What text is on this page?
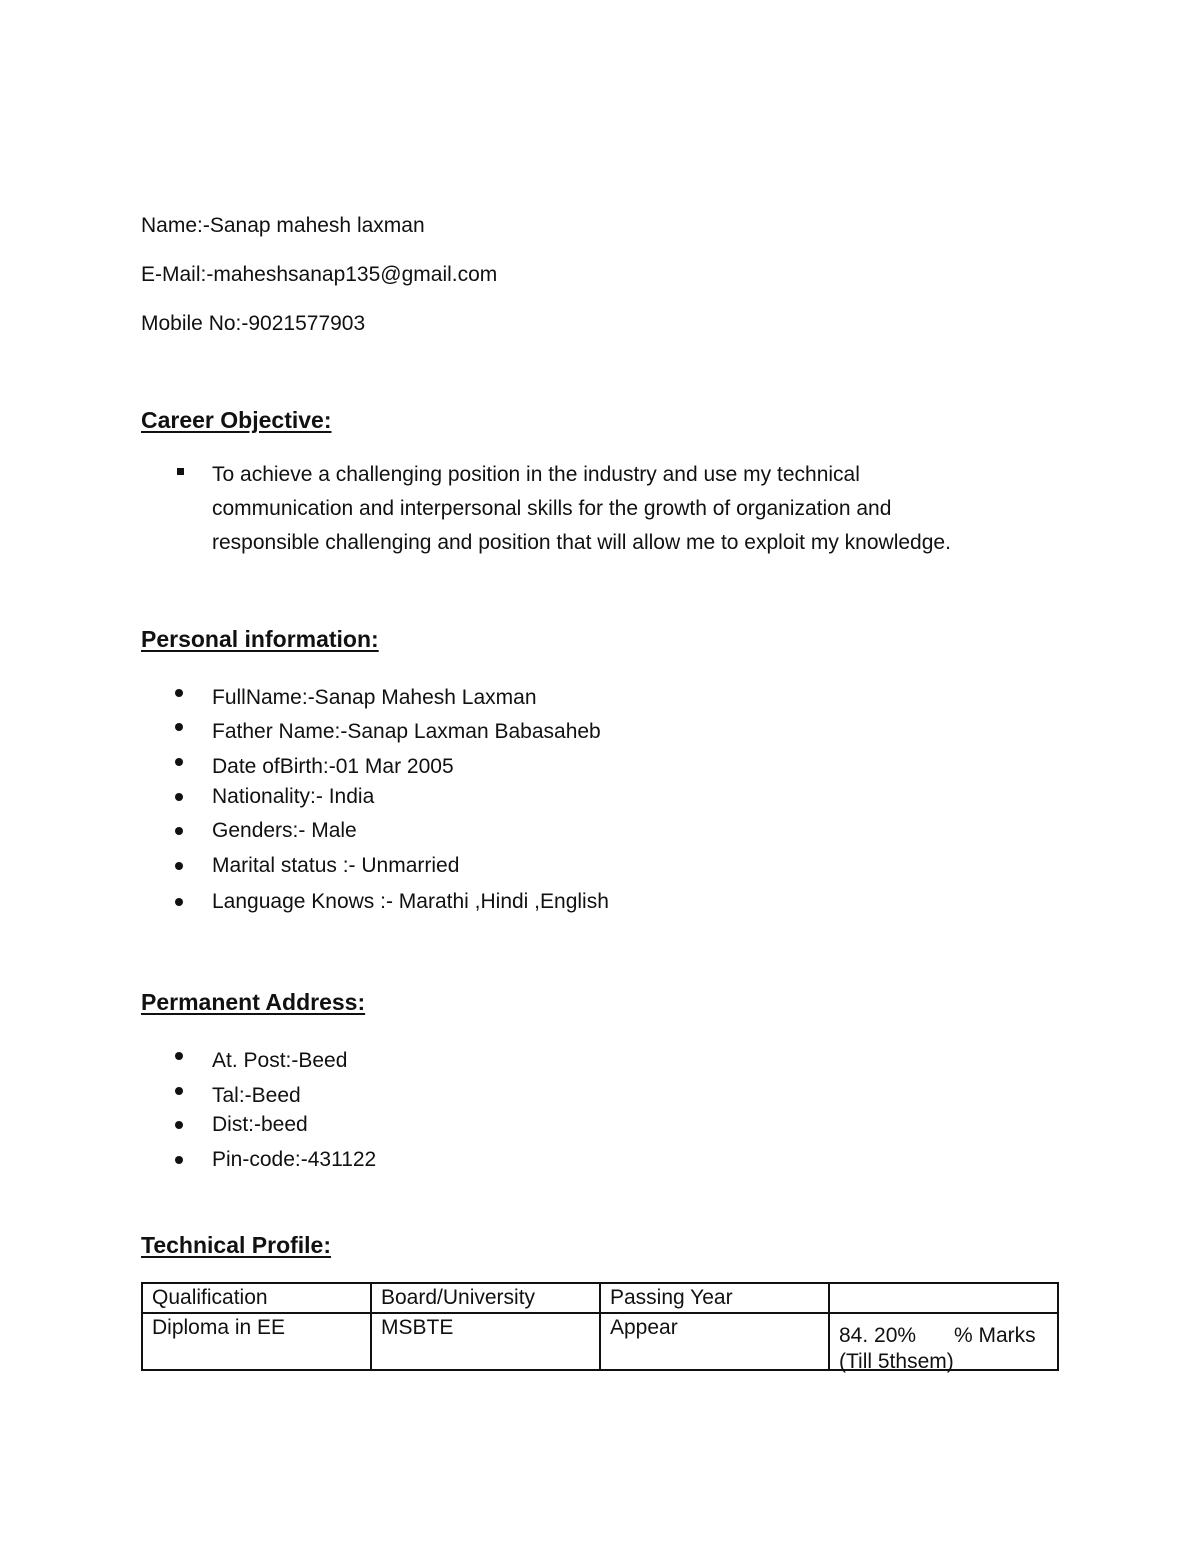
Name:-Sanap mahesh laxman
E-Mail:-maheshsanap135@gmail.com
Mobile No:-9021577903
Career Objective:
To achieve a challenging position in the industry and use my technical
communication and interpersonal skills for the growth of organization and
responsible challenging and position that will allow me to exploit my knowledge.
Personal information:
FullName:-Sanap Mahesh Laxman
Father Name:-Sanap Laxman Babasaheb
Date ofBirth:-01 Mar 2005
Nationality:- India
Genders:- Male
Marital status :- Unmarried
Language Knows :- Marathi ,Hindi ,English
Permanent Address:
At. Post:-Beed
Tal:-Beed
Dist:-beed
Pin-code:-431122
Technical Profile:
Qualification	Board/University	Passing Year	
Diploma in EE	MSBTE	Appear	84. 20% % Marks
(Till 5thsem)
